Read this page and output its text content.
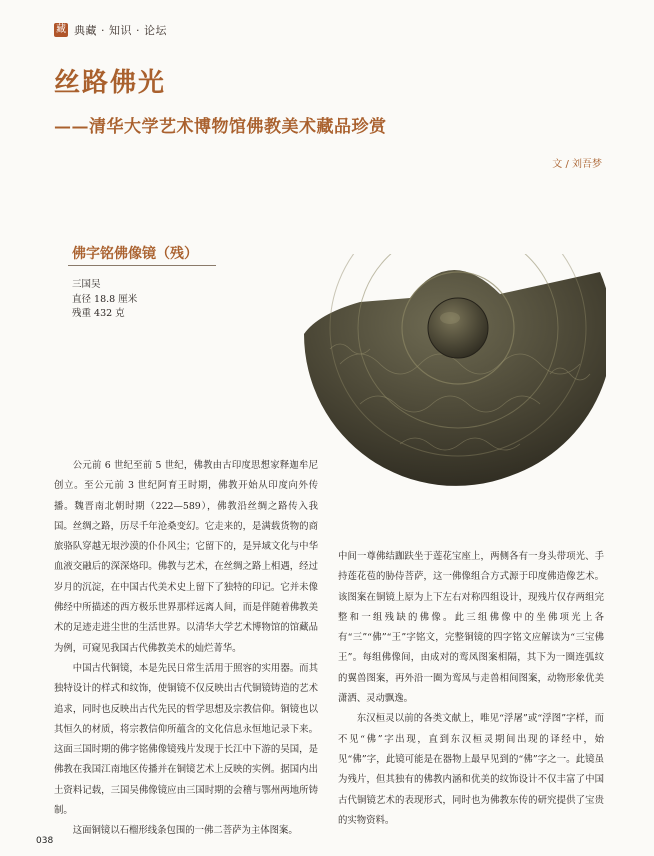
藏 典藏 · 知识 · 论坛
丝路佛光
——清华大学艺术博物馆佛教美术藏品珍赏
文 / 刘吾梦
佛字铭佛像镜（残）
三国吴
直径 18.8 厘米
残重 432 克

公元前 6 世纪至前 5 世纪，佛教由古印度思想家释迦牟尼创立。至公元前 3 世纪阿育王时期，佛教开始从印度向外传播。魏晋南北朝时期（222—589），佛教沿丝绸之路传入我国。丝绸之路，历尽千年沧桑变幻。它走来的，是满载货物的商旅骆队穿越无垠沙漠的仆仆风尘；它留下的，是异域文化与中华血液交融后的深深烙印。佛教与艺术，在丝绸之路上相遇，经过岁月的沉淀，在中国古代美术史上留下了独特的印记。它并未像佛经中所描述的西方极乐世界那样远离人间，而是伴随着佛教美术的足迹走进尘世的生活世界。以清华大学艺术博物馆的馆藏品为例，可窥见我国古代佛教美术的灿烂菁华。

中国古代铜镜，本是先民日常生活用于照容的实用器。而其独特设计的样式和纹饰，使铜镜不仅反映出古代铜镜铸造的艺术追求，同时也反映出古代先民的哲学思想及宗教信仰。铜镜也以其恒久的材质，将宗教信仰所蕴含的文化信息永恒地记录下来。这面三国时期的佛字铭佛像镜残片发现于长江中下游的吴国，是佛教在我国江南地区传播并在铜镜艺术上反映的实例。据国内出土资料记载，三国吴佛像镜应由三国时期的会稽与鄂州两地所铸制。

这面铜镜以石榴形线条包围的一佛二菩萨为主体图案。

中间一尊佛结跏趺坐于莲花宝座上，两侧各有一身头带项光、手持莲花苞的胁侍菩萨，这一佛像组合方式源于印度佛造像艺术。该图案在铜镜上原为上下左右对称四组设计，现残片仅存两组完整和一组残缺的佛像。此三组佛像中的坐佛项光上各有“三”“佛”“王”字铭文，完整铜镜的四字铭文应解读为“三宝佛王”。每组佛像间，由成对的鸾凤图案相隔，其下为一圈连弧纹的翼兽图案，再外沿一圈为鸾凤与走兽相间图案，动物形象优美潇洒、灵动飘逸。

东汉桓灵以前的各类文献上，唯见“浮屠”或“浮图”字样，而不见“佛”字出现，直到东汉桓灵期间出现的译经中，始见“佛”字，此镜可能是在器物上最早见到的“佛”字之一。此镜虽为残片，但其独有的佛教内涵和优美的纹饰设计不仅丰富了中国古代铜镜艺术的表现形式，同时也为佛教东传的研究提供了宝贵的实物资料。

038
